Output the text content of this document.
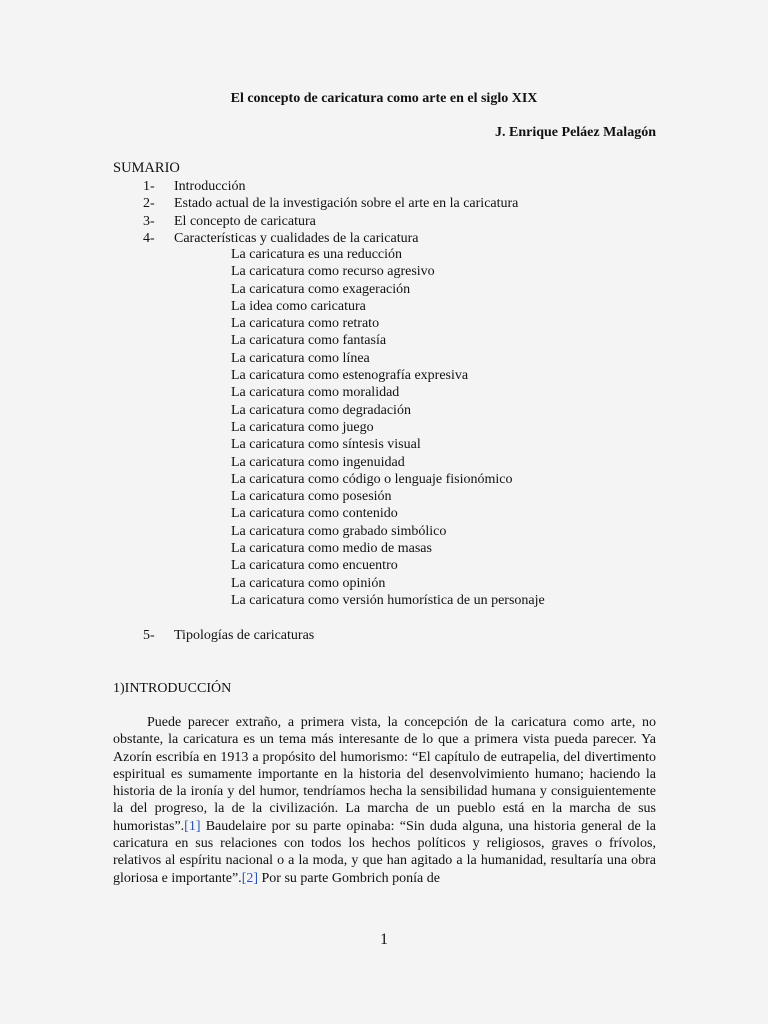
El concepto de caricatura como arte en el siglo XIX
J. Enrique Peláez Malagón
SUMARIO
1- Introducción
2- Estado actual de la investigación sobre el arte en la caricatura
3- El concepto de caricatura
4- Características y cualidades de la caricatura
La caricatura es una reducción
La caricatura como recurso agresivo
La caricatura como exageración
La idea como caricatura
La caricatura como retrato
La caricatura como fantasía
La caricatura como línea
La caricatura como estenografía expresiva
La caricatura como moralidad
La caricatura como degradación
La caricatura como juego
La caricatura como síntesis visual
La caricatura como ingenuidad
La caricatura como código o lenguaje fisionómico
La caricatura como posesión
La caricatura como contenido
La caricatura como grabado simbólico
La caricatura como medio de masas
La caricatura como encuentro
La caricatura como opinión
La caricatura como versión humorística de un personaje
5- Tipologías de caricaturas
1)INTRODUCCIÓN
Puede parecer extraño, a primera vista, la concepción de la caricatura como arte, no obstante, la caricatura es un tema más interesante de lo que a primera vista pueda parecer. Ya Azorín escribía en 1913 a propósito del humorismo: “El capítulo de eutrapelia, del divertimento espiritual es sumamente importante en la historia del desenvolvimiento humano; haciendo la historia de la ironía y del humor, tendríamos hecha la sensibilidad humana y consiguientemente la del progreso, la de la civilización. La marcha de un pueblo está en la marcha de sus humoristas”.[1] Baudelaire por su parte opinaba: “Sin duda alguna, una historia general de la caricatura en sus relaciones con todos los hechos políticos y religiosos, graves o frívolos, relativos al espíritu nacional o a la moda, y que han agitado a la humanidad, resultaría una obra gloriosa e importante”.[2] Por su parte Gombrich ponía de
1
